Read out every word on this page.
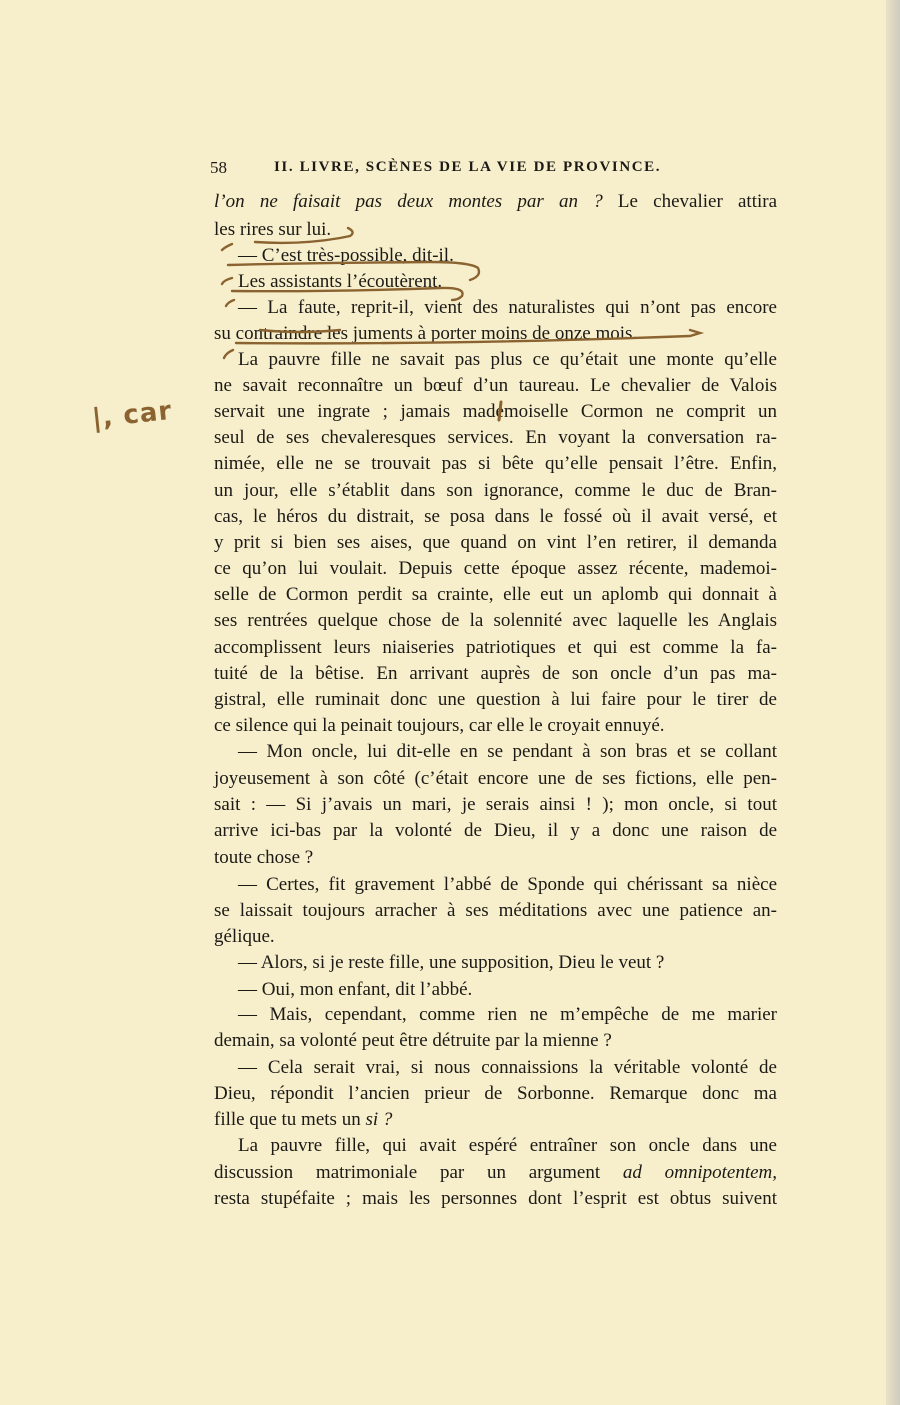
58	II. LIVRE, SCÈNES DE LA VIE DE PROVINCE.
l’on ne faisait pas deux montes par an ? Le chevalier attira
les rires sur lui.
— C’est très-possible, dit-il.
Les assistants l’écoutèrent.
— La faute, reprit-il, vient des naturalistes qui n’ont pas encore
su contraindre les juments à porter moins de onze mois.
La pauvre fille ne savait pas plus ce qu’était une monte qu’elle
ne savait reconnaître un bœuf d’un taureau. Le chevalier de Valois
servait une ingrate ; jamais mademoiselle Cormon ne comprit un
seul de ses chevaleresques services. En voyant la conversation ra-
nimée, elle ne se trouvait pas si bête qu’elle pensait l’être. Enfin,
un jour, elle s’établit dans son ignorance, comme le duc de Bran-
cas, le héros du distrait, se posa dans le fossé où il avait versé, et
y prit si bien ses aises, que quand on vint l’en retirer, il demanda
ce qu’on lui voulait. Depuis cette époque assez récente, mademoi-
selle de Cormon perdit sa crainte, elle eut un aplomb qui donnait à
ses rentrées quelque chose de la solennité avec laquelle les Anglais
accomplissent leurs niaiseries patriotiques et qui est comme la fa-
tuité de la bêtise. En arrivant auprès de son oncle d’un pas ma-
gistral, elle ruminait donc une question à lui faire pour le tirer de
ce silence qui la peinait toujours, car elle le croyait ennuyé.
— Mon oncle, lui dit-elle en se pendant à son bras et se collant
joyeusement à son côté (c’était encore une de ses fictions, elle pen-
sait : — Si j’avais un mari, je serais ainsi ! ); mon oncle, si tout
arrive ici-bas par la volonté de Dieu, il y a donc une raison de
toute chose ?
— Certes, fit gravement l’abbé de Sponde qui chérissant sa nièce
se laissait toujours arracher à ses méditations avec une patience an-
gélique.
— Alors, si je reste fille, une supposition, Dieu le veut ?
— Oui, mon enfant, dit l’abbé.
— Mais, cependant, comme rien ne m’empêche de me marier
demain, sa volonté peut être détruite par la mienne ?
— Cela serait vrai, si nous connaissions la véritable volonté de
Dieu, répondit l’ancien prieur de Sorbonne. Remarque donc ma
fille que tu mets un si ?
La pauvre fille, qui avait espéré entraîner son oncle dans une
discussion matrimoniale par un argument ad omnipotentem,
resta stupéfaite ; mais les personnes dont l’esprit est obtus suivent
|, car
